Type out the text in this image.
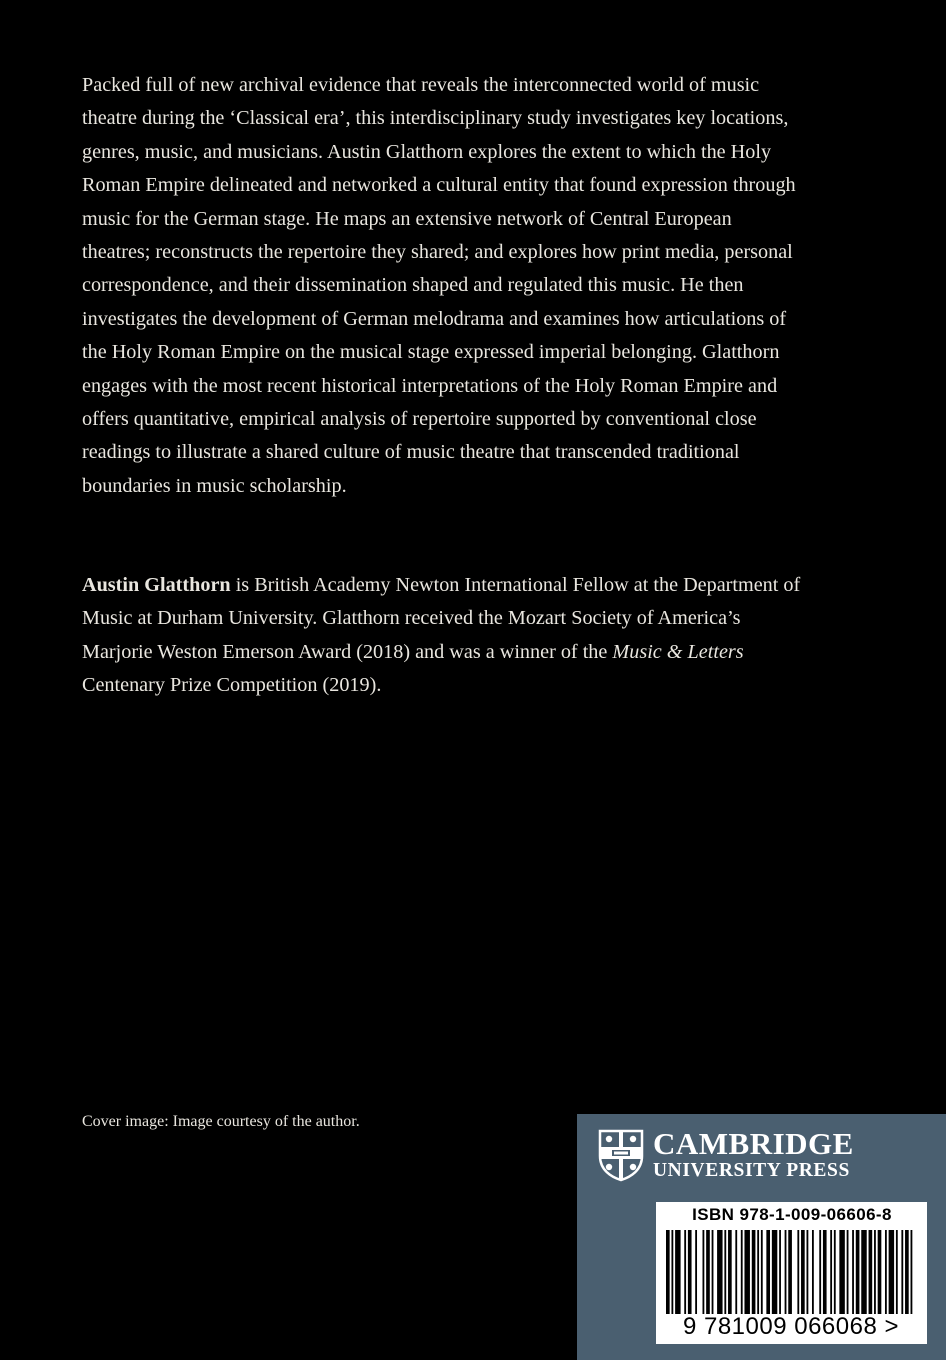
Packed full of new archival evidence that reveals the interconnected world of music theatre during the ‘Classical era’, this interdisciplinary study investigates key locations, genres, music, and musicians. Austin Glatthorn explores the extent to which the Holy Roman Empire delineated and networked a cultural entity that found expression through music for the German stage. He maps an extensive network of Central European theatres; reconstructs the repertoire they shared; and explores how print media, personal correspondence, and their dissemination shaped and regulated this music. He then investigates the development of German melodrama and examines how articulations of the Holy Roman Empire on the musical stage expressed imperial belonging. Glatthorn engages with the most recent historical interpretations of the Holy Roman Empire and offers quantitative, empirical analysis of repertoire supported by conventional close readings to illustrate a shared culture of music theatre that transcended traditional boundaries in music scholarship.

Austin Glatthorn is British Academy Newton International Fellow at the Department of Music at Durham University. Glatthorn received the Mozart Society of America’s Marjorie Weston Emerson Award (2018) and was a winner of the Music & Letters Centenary Prize Competition (2019).

Cover image: Image courtesy of the author.

CAMBRIDGE
UNIVERSITY PRESS
ISBN 978-1-009-06606-8
9 781009 066068 >
